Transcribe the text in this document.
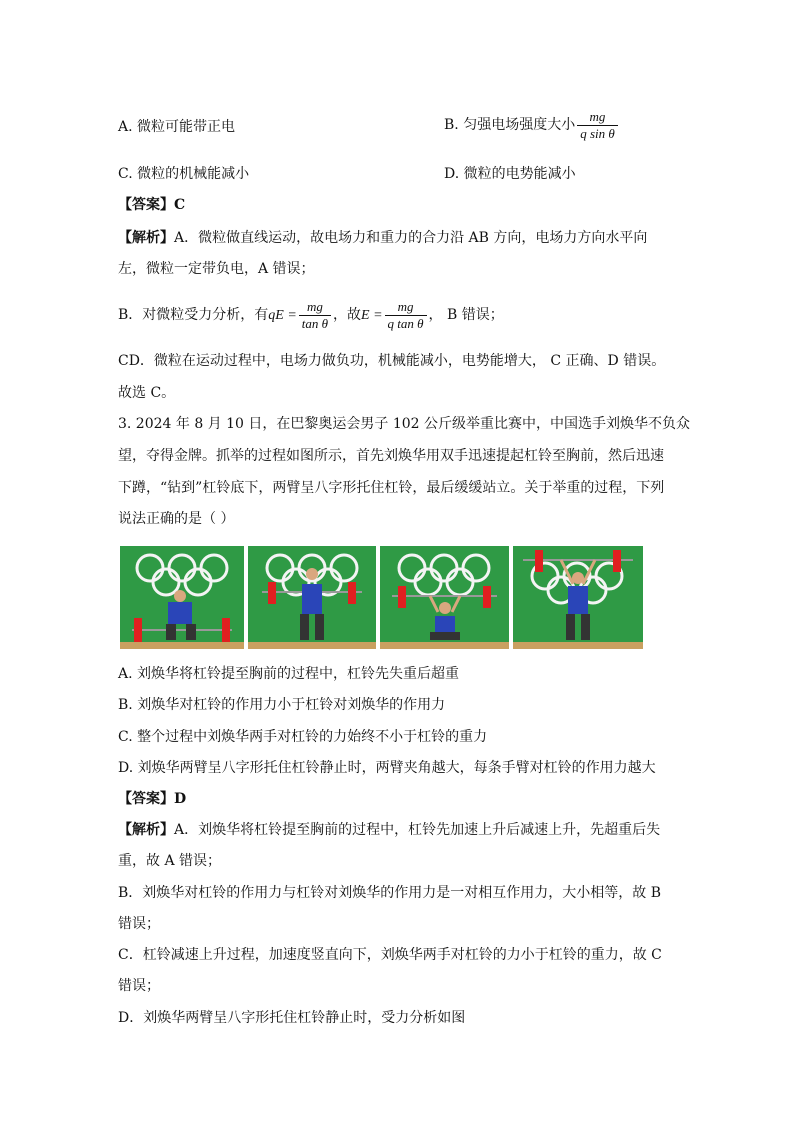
A. 微粒可能带正电	B. 匀强电场强度大小 $\frac{mg}{\text{q sin θ}}$
C. 微粒的机械能减小	D. 微粒的电势能减小
【答案】C
【解析】A．微粒做直线运动，故电场力和重力的合力沿 AB 方向，电场力方向水平向
左，微粒一定带负电，A 错误；
B．对微粒受力分析，有qE = $\frac{mg}{\text{tan θ}}$ ，故$E = \frac{mg}{\text{q tan θ}}$ ， B 错误；
CD．微粒在运动过程中，电场力做负功，机械能减小，电势能增大， C 正确、D 错误。
故选 C。
3. 2024 年 8 月 10 日，在巴黎奥运会男子 102 公斤级举重比赛中，中国选手刘焕华不负众
望，夺得金牌。抓举的过程如图所示，首先刘焕华用双手迅速提起杠铃至胸前，然后迅速
下蹲，“钻到”杠铃底下，两臂呈八字形托住杠铃，最后缓缓站立。关于举重的过程，下列
说法正确的是（ ）
A. 刘焕华将杠铃提至胸前的过程中，杠铃先失重后超重
B. 刘焕华对杠铃的作用力小于杠铃对刘焕华的作用力
C. 整个过程中刘焕华两手对杠铃的力始终不小于杠铃的重力
D. 刘焕华两臂呈八字形托住杠铃静止时，两臂夹角越大，每条手臂对杠铃的作用力越大
【答案】D
【解析】A．刘焕华将杠铃提至胸前的过程中，杠铃先加速上升后减速上升，先超重后失
重，故 A 错误；
B．刘焕华对杠铃的作用力与杠铃对刘焕华的作用力是一对相互作用力，大小相等，故 B
错误；
C．杠铃减速上升过程，加速度竖直向下，刘焕华两手对杠铃的力小于杠铃的重力，故 C
错误；
D．刘焕华两臂呈八字形托住杠铃静止时，受力分析如图
